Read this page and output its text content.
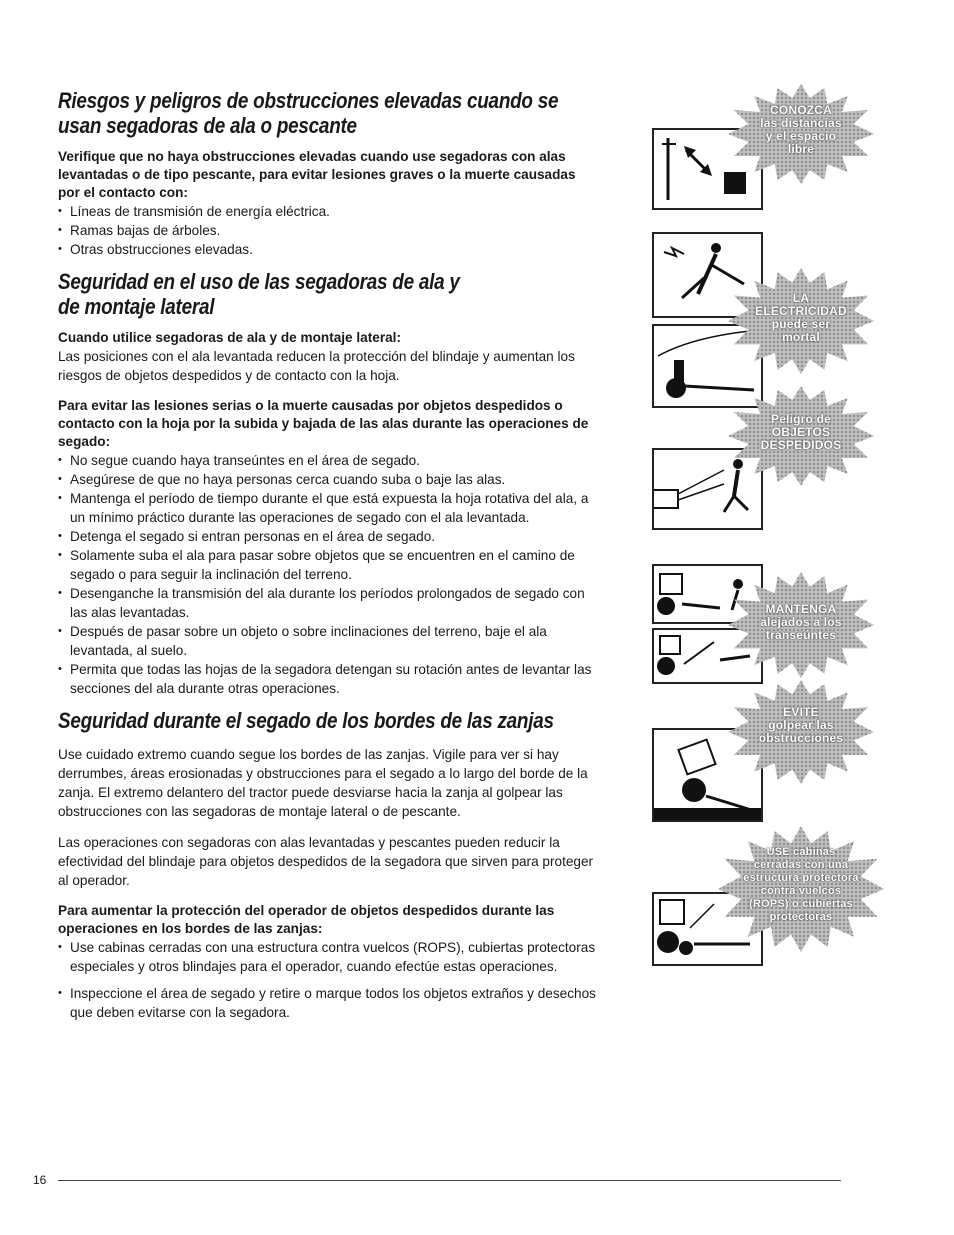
Riesgos y peligros de obstrucciones elevadas cuando se usan segadoras de ala o pescante

Verifique que no haya obstrucciones elevadas cuando use segadoras con alas levantadas o de tipo pescante, para evitar lesiones graves o la muerte causadas por el contacto con:

• Líneas de transmisión de energía eléctrica.
• Ramas bajas de árboles.
• Otras obstrucciones elevadas.
Seguridad en el uso de las segadoras de ala y de montaje lateral

Cuando utilice segadoras de ala y de montaje lateral:

Las posiciones con el ala levantada reducen la protección del blindaje y aumentan los riesgos de objetos despedidos y de contacto con la hoja.

Para evitar las lesiones serias o la muerte causadas por objetos despedidos o contacto con la hoja por la subida y bajada de las alas durante las operaciones de segado:

• No segue cuando haya transeúntes en el área de segado.
• Asegúrese de que no haya personas cerca cuando suba o baje las alas.
• Mantenga el período de tiempo durante el que está expuesta la hoja rotativa del ala, a un mínimo práctico durante las operaciones de segado con el ala levantada.
• Detenga el segado si entran personas en el área de segado.
• Solamente suba el ala para pasar sobre objetos que se encuentren en el camino de segado o para seguir la inclinación del terreno.
• Desenganche la transmisión del ala durante los períodos prolongados de segado con las alas levantadas.
• Después de pasar sobre un objeto o sobre inclinaciones del terreno, baje el ala levantada, al suelo.
• Permita que todas las hojas de la segadora detengan su rotación antes de levantar las secciones del ala durante otras operaciones.
Seguridad durante el segado de los bordes de las zanjas

Use cuidado extremo cuando segue los bordes de las zanjas. Vigile para ver si hay derrumbes, áreas erosionadas y obstrucciones para el segado a lo largo del borde de la zanja. El extremo delantero del tractor puede desviarse hacia la zanja al golpear las obstrucciones con las segadoras de montaje lateral o de pescante.

Las operaciones con segadoras con alas levantadas y pescantes pueden reducir la efectividad del blindaje para objetos despedidos de la segadora que sirven para proteger al operador.

Para aumentar la protección del operador de objetos despedidos durante las operaciones en los bordes de las zanjas:

• Use cabinas cerradas con una estructura contra vuelcos (ROPS), cubiertas protectoras especiales y otros blindajes para el operador, cuando efectúe estas operaciones.
• Inspeccione el área de segado y retire o marque todos los objetos extraños y desechos que deben evitarse con la segadora.
CONOZCA
las distancias
y el espacio
libre
LA
ELECTRICIDAD
puede ser
mortal
Peligro de
OBJETOS
DESPEDIDOS
MANTENGA
alejados a los
transeúntes
EVITE
golpear las
obstrucciones
USE cabinas
cerradas con una
estructura protectora
contra vuelcos
(ROPS) o cubiertas
protectoras
16
